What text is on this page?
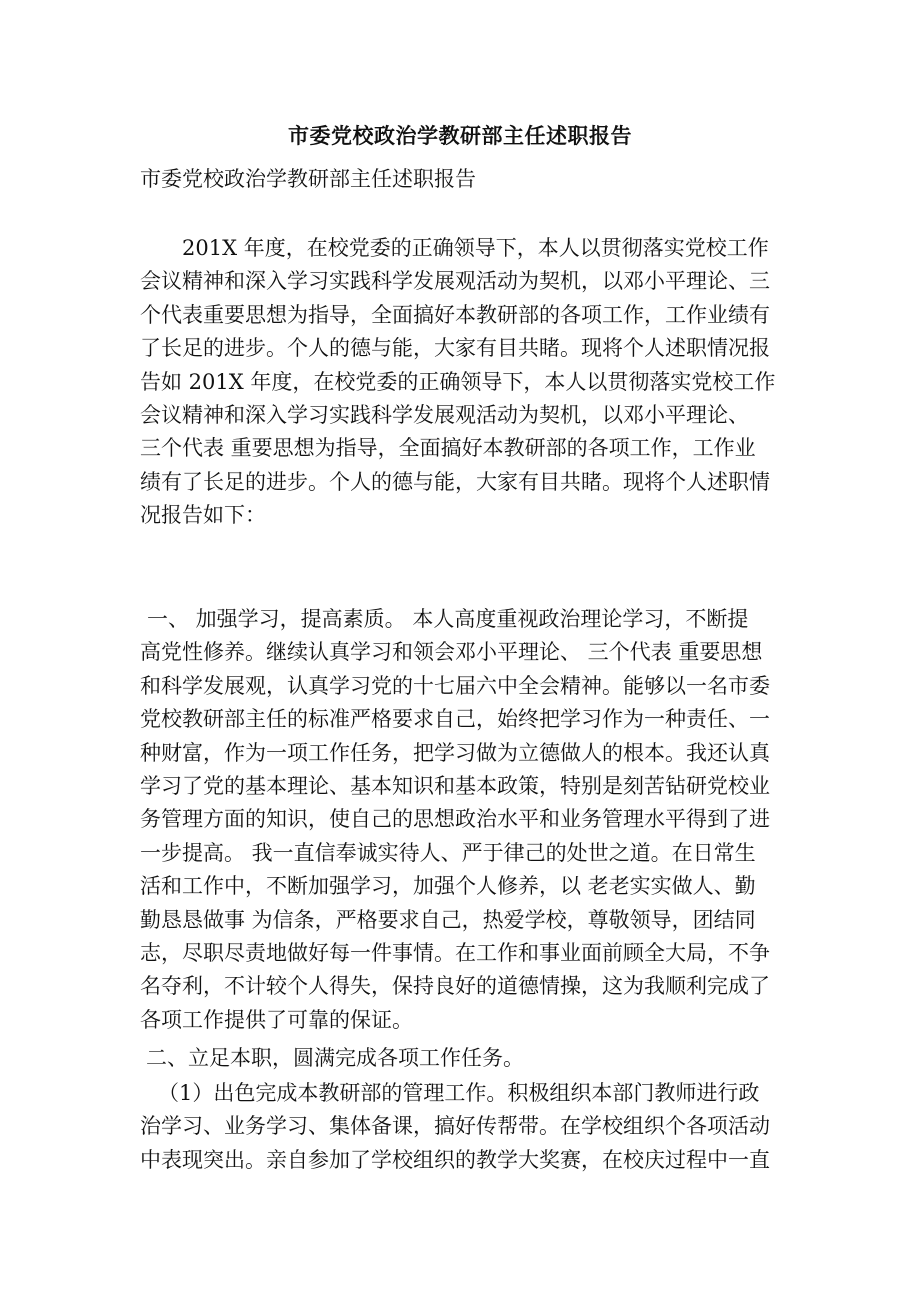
市委党校政治学教研部主任述职报告
市委党校政治学教研部主任述职报告
201X 年度，在校党委的正确领导下，本人以贯彻落实党校工作
会议精神和深入学习实践科学发展观活动为契机，以邓小平理论、三
个代表重要思想为指导，全面搞好本教研部的各项工作，工作业绩有
了长足的进步。个人的德与能，大家有目共睹。现将个人述职情况报
告如 201X 年度，在校党委的正确领导下，本人以贯彻落实党校工作
会议精神和深入学习实践科学发展观活动为契机，以邓小平理论、
三个代表 重要思想为指导，全面搞好本教研部的各项工作，工作业
绩有了长足的进步。个人的德与能，大家有目共睹。现将个人述职情
况报告如下：
一、 加强学习，提高素质。 本人高度重视政治理论学习，不断提
高党性修养。继续认真学习和领会邓小平理论、 三个代表 重要思想
和科学发展观，认真学习党的十七届六中全会精神。能够以一名市委
党校教研部主任的标准严格要求自己，始终把学习作为一种责任、一
种财富，作为一项工作任务，把学习做为立德做人的根本。我还认真
学习了党的基本理论、基本知识和基本政策，特别是刻苦钻研党校业
务管理方面的知识，使自己的思想政治水平和业务管理水平得到了进
一步提高。 我一直信奉诚实待人、严于律己的处世之道。在日常生
活和工作中，不断加强学习，加强个人修养，以 老老实实做人、勤
勤恳恳做事 为信条，严格要求自己，热爱学校，尊敬领导，团结同
志，尽职尽责地做好每一件事情。在工作和事业面前顾全大局，不争
名夺利，不计较个人得失，保持良好的道德情操，这为我顺利完成了
各项工作提供了可靠的保证。
二、立足本职，圆满完成各项工作任务。
（1）出色完成本教研部的管理工作。积极组织本部门教师进行政
治学习、业务学习、集体备课，搞好传帮带。在学校组织个各项活动
中表现突出。亲自参加了学校组织的教学大奖赛，在校庆过程中一直
